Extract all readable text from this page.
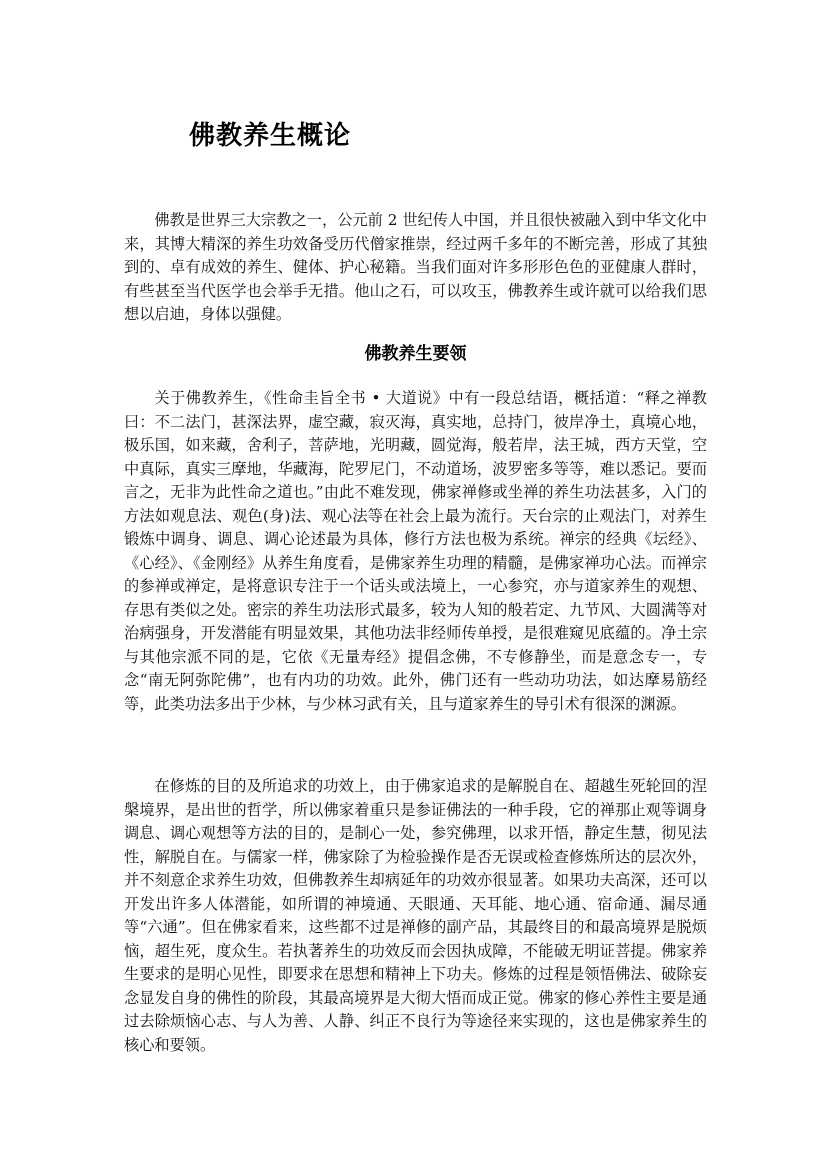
佛教养生概论

佛教是世界三大宗教之一，公元前 2 世纪传人中国，并且很快被融入到中华文化中来，其博大精深的养生功效备受历代僧家推崇，经过两千多年的不断完善，形成了其独到的、卓有成效的养生、健体、护心秘籍。当我们面对许多形形色色的亚健康人群时，有些甚至当代医学也会举手无措。他山之石，可以攻玉，佛教养生或许就可以给我们思想以启迪，身体以强健。

佛教养生要领

关于佛教养生，《性命圭旨全书 • 大道说》中有一段总结语，概括道：“释之禅教曰：不二法门，甚深法界，虚空藏，寂灭海，真实地，总持门，彼岸净土，真境心地，极乐国，如来藏，舍利子，菩萨地，光明藏，圆觉海，般若岸，法王城，西方天堂，空中真际，真实三摩地，华藏海，陀罗尼门，不动道场，波罗密多等等，难以悉记。要而言之，无非为此性命之道也。”由此不难发现，佛家禅修或坐禅的养生功法甚多，入门的方法如观息法、观色(身)法、观心法等在社会上最为流行。天台宗的止观法门，对养生锻炼中调身、调息、调心论述最为具体，修行方法也极为系统。禅宗的经典《坛经》、《心经》、《金刚经》从养生角度看，是佛家养生功理的精髓，是佛家禅功心法。而禅宗的参禅或禅定，是将意识专注于一个话头或法境上，一心参究，亦与道家养生的观想、存思有类似之处。密宗的养生功法形式最多，较为人知的般若定、九节风、大圆满等对治病强身，开发潜能有明显效果，其他功法非经师传单授，是很难窥见底蕴的。净土宗与其他宗派不同的是，它依《无量寿经》提倡念佛，不专修静坐，而是意念专一，专念“南无阿弥陀佛”，也有内功的功效。此外，佛门还有一些动功功法，如达摩易筋经等，此类功法多出于少林，与少林习武有关，且与道家养生的导引术有很深的渊源。

在修炼的目的及所追求的功效上，由于佛家追求的是解脱自在、超越生死轮回的涅槃境界，是出世的哲学，所以佛家着重只是参证佛法的一种手段，它的禅那止观等调身调息、调心观想等方法的目的，是制心一处，参究佛理，以求开悟，静定生慧，彻见法性，解脱自在。与儒家一样，佛家除了为检验操作是否无误或检查修炼所达的层次外，并不刻意企求养生功效，但佛教养生却病延年的功效亦很显著。如果功夫高深，还可以开发出许多人体潜能，如所谓的神境通、天眼通、天耳能、地心通、宿命通、漏尽通等“六通”。但在佛家看来，这些都不过是禅修的副产品，其最终目的和最高境界是脱烦恼，超生死，度众生。若执著养生的功效反而会因执成障，不能破无明证菩提。佛家养生要求的是明心见性，即要求在思想和精神上下功夫。修炼的过程是领悟佛法、破除妄念显发自身的佛性的阶段，其最高境界是大彻大悟而成正觉。佛家的修心养性主要是通过去除烦恼心志、与人为善、人静、纠正不良行为等途径来实现的，这也是佛家养生的核心和要领。
